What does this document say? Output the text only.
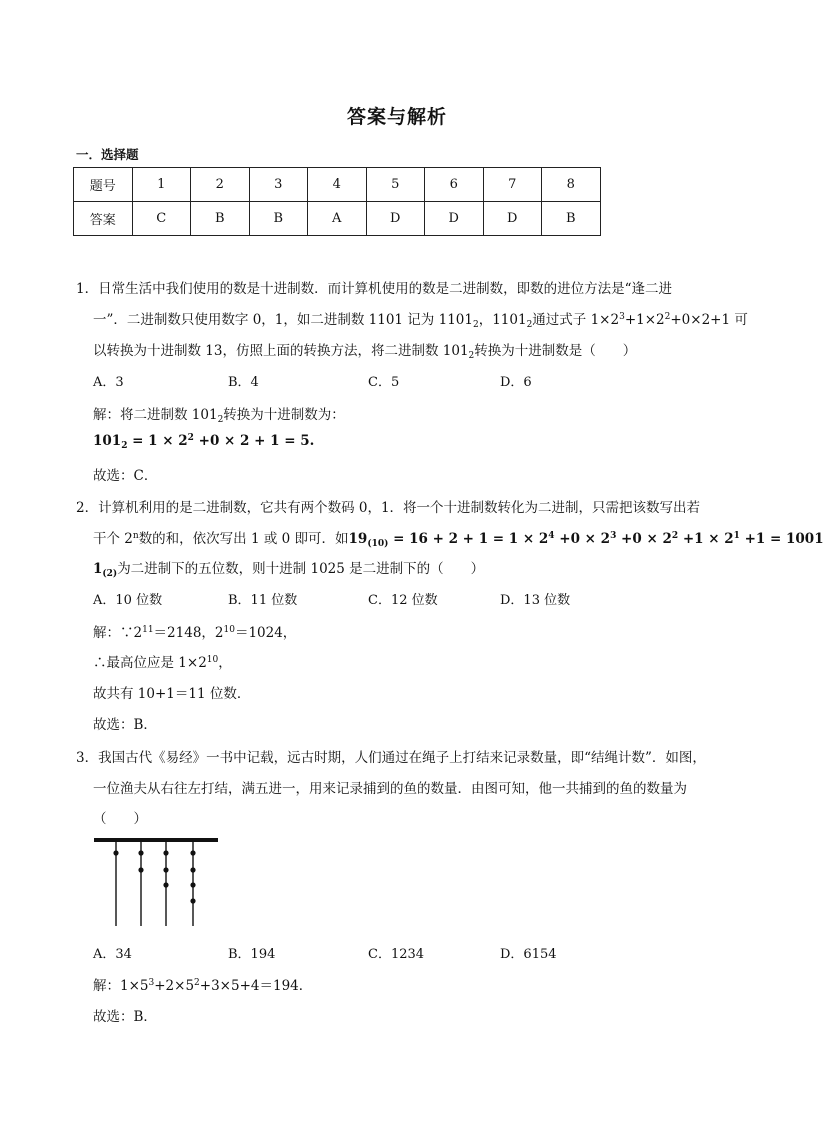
答案与解析
一．选择题
题号	1	2	3	4	5	6	7	8
答案	C	B	B	A	D	D	D	B
1．日常生活中我们使用的数是十进制数．而计算机使用的数是二进制数，即数的进位方法是“逢二进
一”．二进制数只使用数字 0，1，如二进制数 1101 记为 $1101_2$，$1101_2$通过式子 $1\times 2^3+1\times 2^2+0\times 2+1$ 可
以转换为十进制数 13，仿照上面的转换方法，将二进制数 $101_2$转换为十进制数是（　　）
A．3	B．4	C．5	D．6
解：将二进制数 $101_2$转换为十进制数为：
$101_2 = 1 \times 2^2 +0 \times 2 + 1 = 5$.
故选：C．
2．计算机利用的是二进制数，它共有两个数码 0，1．将一个十进制数转化为二进制，只需把该数写出若
干个 2$^n$数的和，依次写出 1 或 0 即可．如$19_{(10)} = 16 + 2 + 1 = 1 \times 2^4 +0 \times 2^3 +0 \times 2^2 +1 \times 2^1 +1 = 1001$
$1_{(2)}$为二进制下的五位数，则十进制 1025 是二进制下的（　　）
A．10 位数	B．11 位数	C．12 位数	D．13 位数
解：$\because 2^{11}=2148$，$2^{10}=1024$，
∴最高位应是 $1\times 2^{10}$，
故共有 10+1＝11 位数．
故选：B．
3．我国古代《易经》一书中记载，远古时期，人们通过在绳子上打结来记录数量，即“结绳计数”．如图，
一位渔夫从右往左打结，满五进一，用来记录捕到的鱼的数量．由图可知，他一共捕到的鱼的数量为
（　　）
A．34	B．194	C．1234	D．6154
解：$1\times 5^3+2\times 5^2+3\times 5+4=194$．
故选：B．
